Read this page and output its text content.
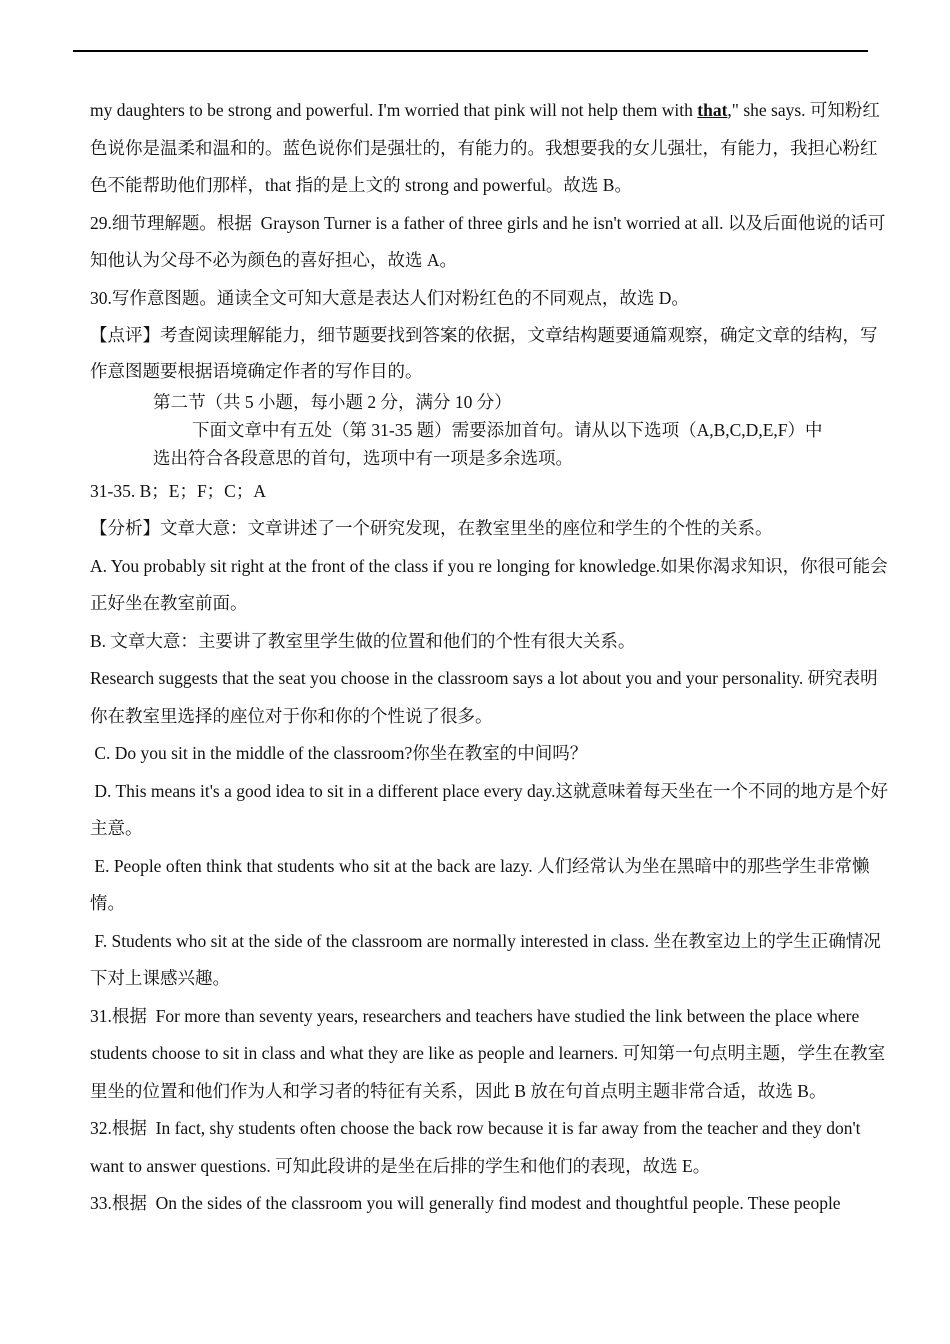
my daughters to be strong and powerful. I'm worried that pink will not help them with that," she says. 可知粉红
色说你是温柔和温和的。蓝色说你们是强壮的，有能力的。我想要我的女儿强壮，有能力，我担心粉红
色不能帮助他们那样，that 指的是上文的 strong and powerful。故选 B。
29.细节理解题。根据  Grayson Turner is a father of three girls and he isn't worried at all. 以及后面他说的话可
知他认为父母不必为颜色的喜好担心，故选 A。
30.写作意图题。通读全文可知大意是表达人们对粉红色的不同观点，故选 D。
【点评】考查阅读理解能力，细节题要找到答案的依据，文章结构题要通篇观察，确定文章的结构，写
作意图题要根据语境确定作者的写作目的。
第二节（共 5 小题，每小题 2 分，满分 10 分）
下面文章中有五处（第 31-35 题）需要添加首句。请从以下选项（A,B,C,D,E,F）中
选出符合各段意思的首句，选项中有一项是多余选项。
31-35. B；E；F；C；A
【分析】文章大意：文章讲述了一个研究发现，在教室里坐的座位和学生的个性的关系。
A. You probably sit right at the front of the class if you re longing for knowledge.如果你渴求知识，你很可能会
正好坐在教室前面。
B. 文章大意：主要讲了教室里学生做的位置和他们的个性有很大关系。
Research suggests that the seat you choose in the classroom says a lot about you and your personality. 研究表明
你在教室里选择的座位对于你和你的个性说了很多。
C. Do you sit in the middle of the classroom?你坐在教室的中间吗？
D. This means it's a good idea to sit in a different place every day.这就意味着每天坐在一个不同的地方是个好
主意。
E. People often think that students who sit at the back are lazy. 人们经常认为坐在黑暗中的那些学生非常懒
惰。
F. Students who sit at the side of the classroom are normally interested in class. 坐在教室边上的学生正确情况
下对上课感兴趣。
31.根据  For more than seventy years, researchers and teachers have studied the link between the place where
students choose to sit in class and what they are like as people and learners. 可知第一句点明主题，学生在教室
里坐的位置和他们作为人和学习者的特征有关系，因此 B 放在句首点明主题非常合适，故选 B。
32.根据  In fact, shy students often choose the back row because it is far away from the teacher and they don't
want to answer questions. 可知此段讲的是坐在后排的学生和他们的表现，故选 E。
33.根据  On the sides of the classroom you will generally find modest and thoughtful people. These people
